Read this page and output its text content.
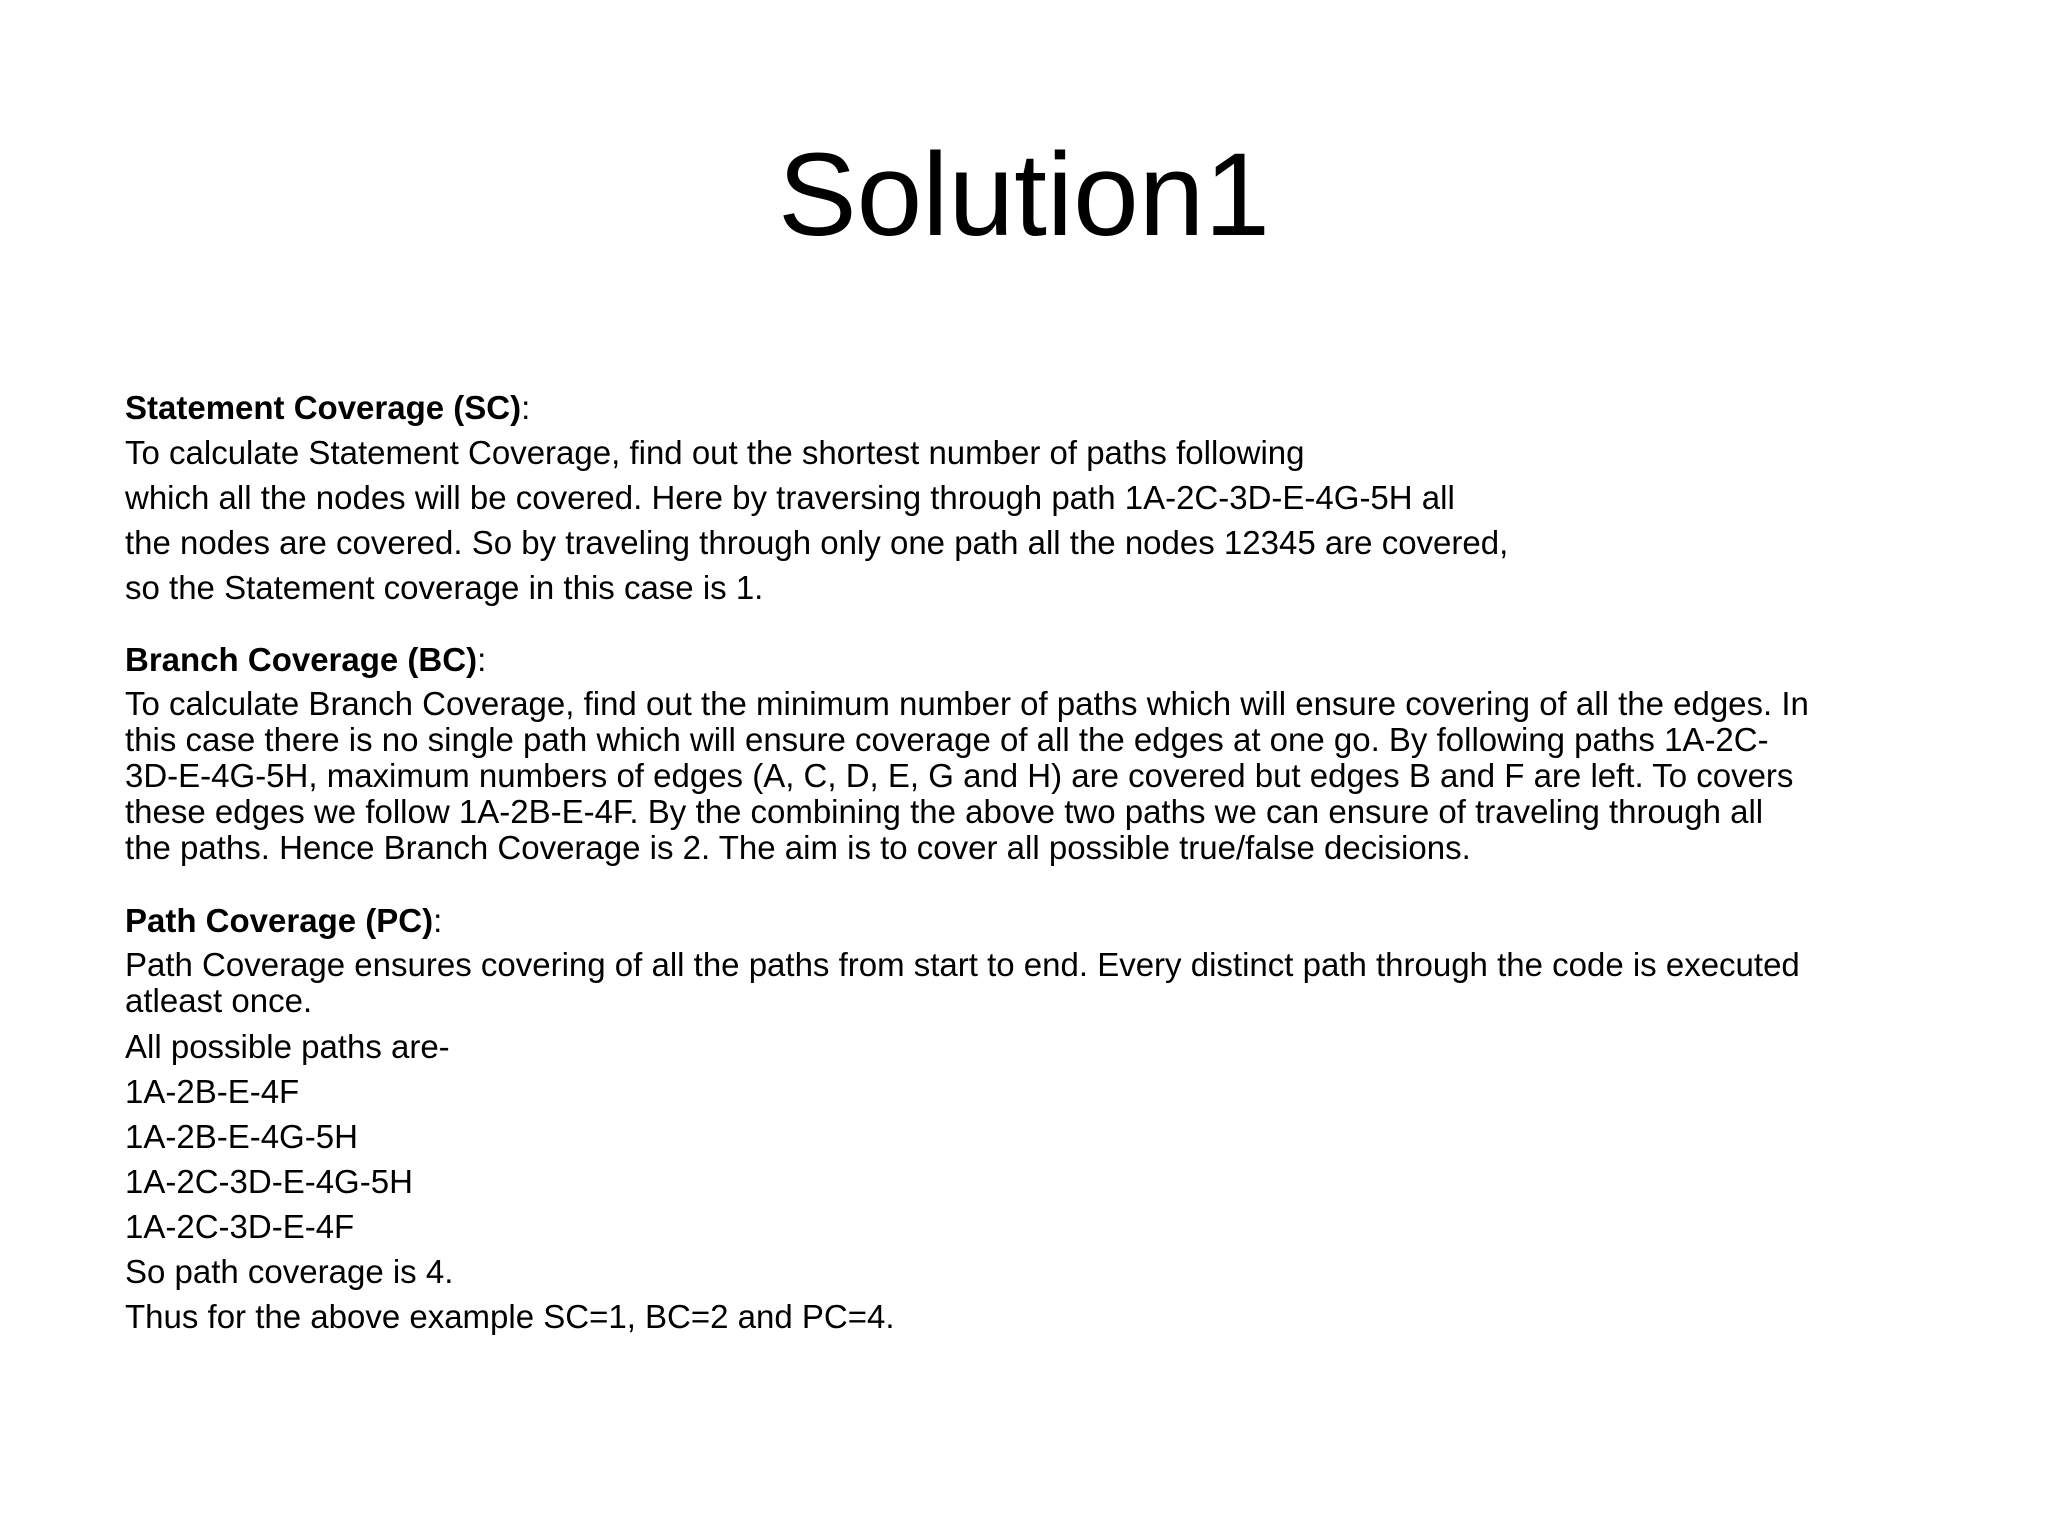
Solution1
Statement Coverage (SC):
To calculate Statement Coverage, find out the shortest number of paths following
which all the nodes will be covered. Here by traversing through path 1A-2C-3D-E-4G-5H all
the nodes are covered. So by traveling through only one path all the nodes 12345 are covered,
so the Statement coverage in this case is 1.
Branch Coverage (BC):
To calculate Branch Coverage, find out the minimum number of paths which will ensure covering of all the edges. In
this case there is no single path which will ensure coverage of all the edges at one go. By following paths 1A-2C-
3D-E-4G-5H, maximum numbers of edges (A, C, D, E, G and H) are covered but edges B and F are left. To covers
these edges we follow 1A-2B-E-4F. By the combining the above two paths we can ensure of traveling through all
the paths. Hence Branch Coverage is 2. The aim is to cover all possible true/false decisions.
Path Coverage (PC):
Path Coverage ensures covering of all the paths from start to end. Every distinct path through the code is executed
atleast once.
All possible paths are-
1A-2B-E-4F
1A-2B-E-4G-5H
1A-2C-3D-E-4G-5H
1A-2C-3D-E-4F
So path coverage is 4.
Thus for the above example SC=1, BC=2 and PC=4.
